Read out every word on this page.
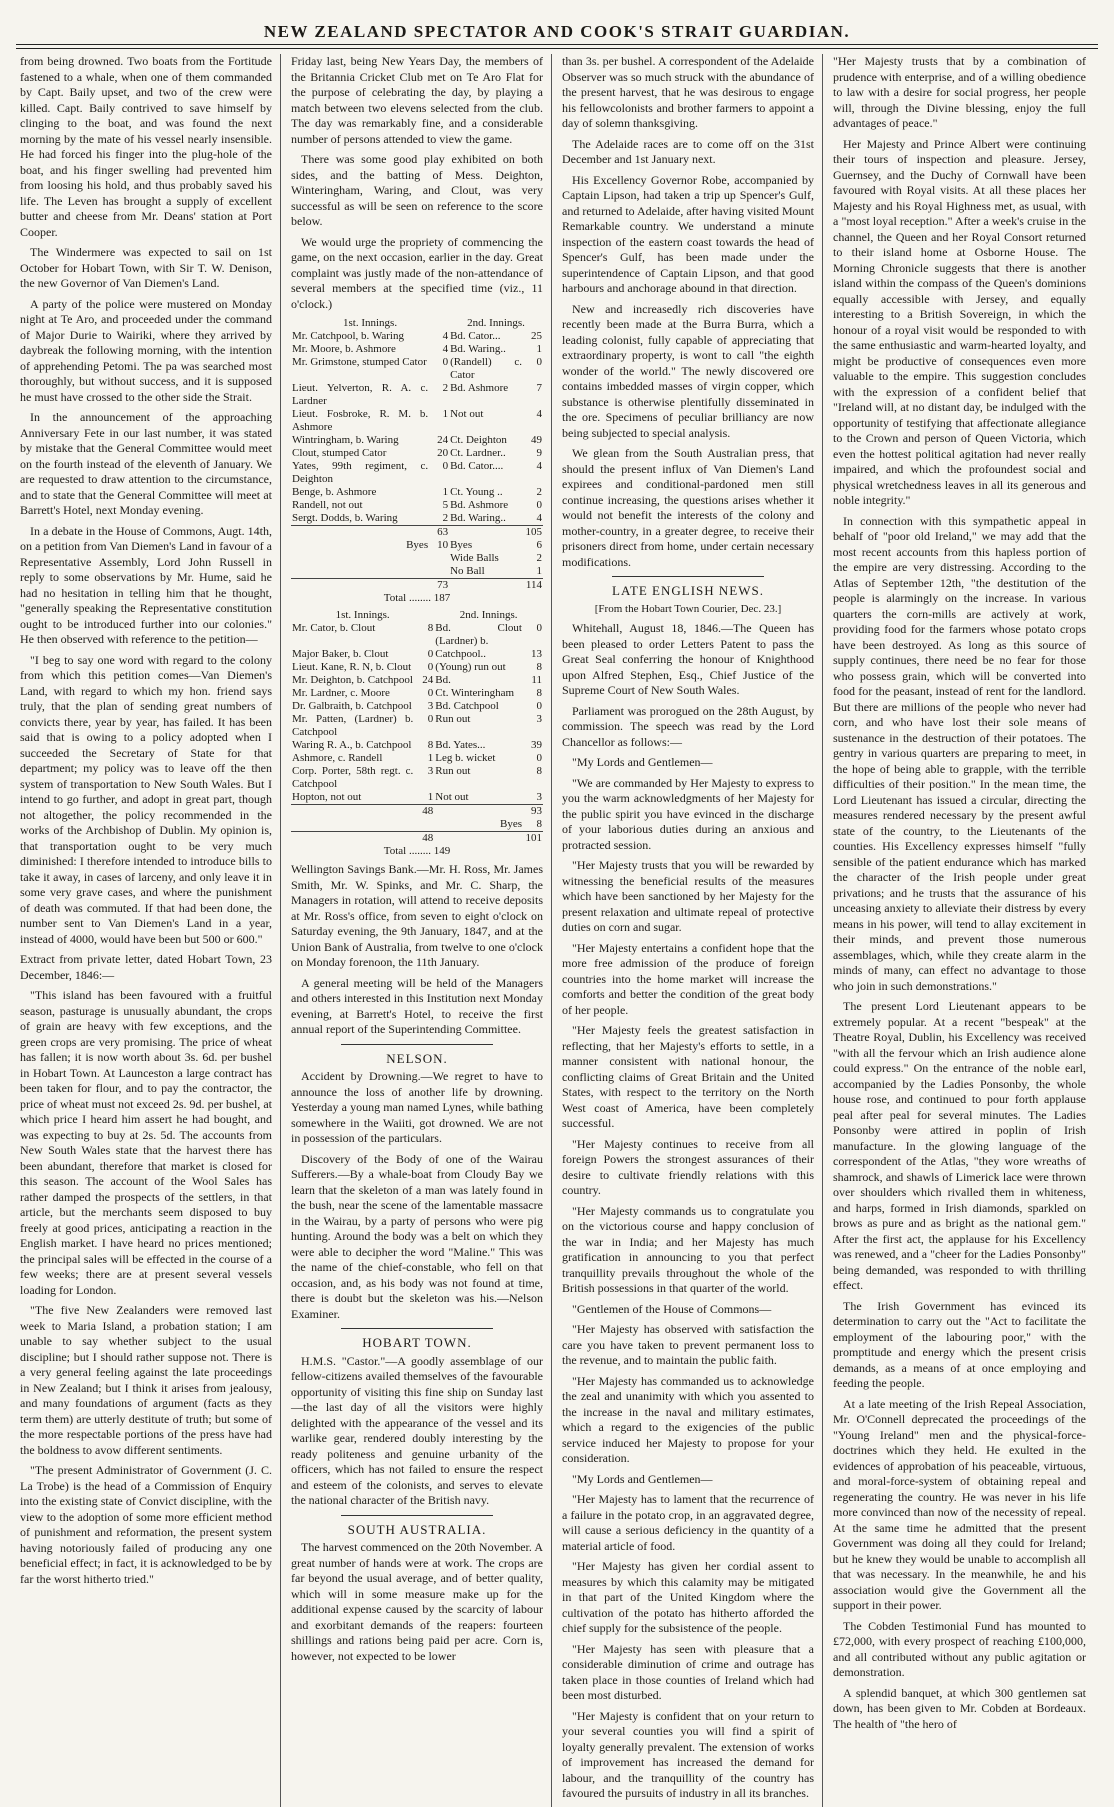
NEW ZEALAND SPECTATOR AND COOK'S STRAIT GUARDIAN.

from being drowned. Two boats from the Fortitude fastened to a whale, when one of them commanded by Capt. Baily upset, and two of the crew were killed. Capt. Baily contrived to save himself by clinging to the boat, and was found the next morning by the mate of his vessel nearly insensible. He had forced his finger into the plug-hole of the boat, and his finger swelling had prevented him from loosing his hold, and thus probably saved his life. The Leven has brought a supply of excellent butter and cheese from Mr. Deans' station at Port Cooper.

The Windermere was expected to sail on 1st October for Hobart Town, with Sir T. W. Denison, the new Governor of Van Diemen's Land.

A party of the police were mustered on Monday night at Te Aro, and proceeded under the command of Major Durie to Wairiki, where they arrived by daybreak the following morning, with the intention of apprehending Petomi. The pa was searched most thoroughly, but without success, and it is supposed he must have crossed to the other side the Strait.

In the announcement of the approaching Anniversary Fete in our last number, it was stated by mistake that the General Committee would meet on the fourth instead of the eleventh of January. We are requested to draw attention to the circumstance, and to state that the General Committee will meet at Barrett's Hotel, next Monday evening.

In a debate in the House of Commons, Augt. 14th, on a petition from Van Diemen's Land in favour of a Representative Assembly, Lord John Russell in reply to some observations by Mr. Hume, said he had no hesitation in telling him that he thought, "generally speaking the Representative constitution ought to be introduced further into our colonies." He then observed with reference to the petition—

"I beg to say one word with regard to the colony from which this petition comes—Van Diemen's Land, with regard to which my hon. friend says truly, that the plan of sending great numbers of convicts there, year by year, has failed. It has been said that is owing to a policy adopted when I succeeded the Secretary of State for that department; my policy was to leave off the then system of transportation to New South Wales. But I intend to go further, and adopt in great part, though not altogether, the policy recommended in the works of the Archbishop of Dublin. My opinion is, that transportation ought to be very much diminished: I therefore intended to introduce bills to take it away, in cases of larceny, and only leave it in some very grave cases, and where the punishment of death was commuted. If that had been done, the number sent to Van Diemen's Land in a year, instead of 4000, would have been but 500 or 600."

Extract from private letter, dated Hobart Town, 23 December, 1846:—

"This island has been favoured with a fruitful season, pasturage is unusually abundant, the crops of grain are heavy with few exceptions, and the green crops are very promising. The price of wheat has fallen; it is now worth about 3s. 6d. per bushel in Hobart Town. At Launceston a large contract has been taken for flour, and to pay the contractor, the price of wheat must not exceed 2s. 9d. per bushel, at which price I heard him assert he had bought, and was expecting to buy at 2s. 5d. The accounts from New South Wales state that the harvest there has been abundant, therefore that market is closed for this season. The account of the Wool Sales has rather damped the prospects of the settlers, in that article, but the merchants seem disposed to buy freely at good prices, anticipating a reaction in the English market. I have heard no prices mentioned; the principal sales will be effected in the course of a few weeks; there are at present several vessels loading for London.

"The five New Zealanders were removed last week to Maria Island, a probation station; I am unable to say whether subject to the usual discipline; but I should rather suppose not. There is a very general feeling against the late proceedings in New Zealand; but I think it arises from jealousy, and many foundations of argument (facts as they term them) are utterly destitute of truth; but some of the more respectable portions of the press have had the boldness to avow different sentiments.

"The present Administrator of Government (J. C. La Trobe) is the head of a Commission of Enquiry into the existing state of Convict discipline, with the view to the adoption of some more efficient method of punishment and reformation, the present system having notoriously failed of producing any one beneficial effect; in fact, it is acknowledged to be by far the worst hitherto tried."

Friday last, being New Years Day, the members of the Britannia Cricket Club met on Te Aro Flat for the purpose of celebrating the day, by playing a match between two elevens selected from the club. The day was remarkably fine, and a considerable number of persons attended to view the game.

There was some good play exhibited on both sides, and the batting of Mess. Deighton, Winteringham, Waring, and Clout, was very successful as will be seen on reference to the score below.

We would urge the propriety of commencing the game, on the next occasion, earlier in the day. Great complaint was justly made of the non-attendance of several members at the specified time (viz., 11 o'clock.)

1st. Innings.		2nd. Innings.	
Mr. Catchpool, b. Waring	4	Bd. Cator...	25
Mr. Moore, b. Ashmore	4	Bd. Waring..	1
Mr. Grimstone, stumped Cator	0	(Randell) c. Cator	0
Lieut. Yelverton, R. A. c. Lardner	2	Bd. Ashmore	7
Lieut. Fosbroke, R. M. b. Ashmore	1	Not out	4
Wintringham, b. Waring	24	Ct. Deighton	49
Clout, stumped Cator	20	Ct. Lardner..	9
Yates, 99th regiment, c. Deighton	0	Bd. Cator....	4
Benge, b. Ashmore	1	Ct. Young ..	2
Randell, not out	5	Bd. Ashmore	0
Sergt. Dodds, b. Waring	2	Bd. Waring..	4
	63		105
Byes	10	Byes	6
		Wide Balls	2
		No Ball	1
	73		114
Total ........ 187			
1st. Innings.		2nd. Innings.	
Mr. Cator, b. Clout	8	Bd. Clout (Lardner) b.	0
Major Baker, b. Clout	0	Catchpool..	13
Lieut. Kane, R. N, b. Clout	0	(Young) run out	8
Mr. Deighton, b. Catchpool	24	Bd.	11
Mr. Lardner, c. Moore	0	Ct. Winteringham	8
Dr. Galbraith, b. Catchpool	3	Bd. Catchpool	0
Mr. Patten, (Lardner) b. Catchpool	0	Run out	3
Waring R. A., b. Catchpool	8	Bd. Yates...	39
Ashmore, c. Randell	1	Leg b. wicket	0
Corp. Porter, 58th regt. c. Catchpool	3	Run out	8
Hopton, not out	1	Not out	3
	48		93
		Byes	8
	48		101
Total ........ 149			

Wellington Savings Bank.—Mr. H. Ross, Mr. James Smith, Mr. W. Spinks, and Mr. C. Sharp, the Managers in rotation, will attend to receive deposits at Mr. Ross's office, from seven to eight o'clock on Saturday evening, the 9th January, 1847, and at the Union Bank of Australia, from twelve to one o'clock on Monday forenoon, the 11th January.

A general meeting will be held of the Managers and others interested in this Institution next Monday evening, at Barrett's Hotel, to receive the first annual report of the Superintending Committee.

NELSON.

Accident by Drowning.—We regret to have to announce the loss of another life by drowning. Yesterday a young man named Lynes, while bathing somewhere in the Waiiti, got drowned. We are not in possession of the particulars.

Discovery of the Body of one of the Wairau Sufferers.—By a whale-boat from Cloudy Bay we learn that the skeleton of a man was lately found in the bush, near the scene of the lamentable massacre in the Wairau, by a party of persons who were pig hunting. Around the body was a belt on which they were able to decipher the word "Maline." This was the name of the chief-constable, who fell on that occasion, and, as his body was not found at time, there is doubt but the skeleton was his.—Nelson Examiner.

HOBART TOWN.

H.M.S. "Castor."—A goodly assemblage of our fellow-citizens availed themselves of the favourable opportunity of visiting this fine ship on Sunday last—the last day of all the visitors were highly delighted with the appearance of the vessel and its warlike gear, rendered doubly interesting by the ready politeness and genuine urbanity of the officers, which has not failed to ensure the respect and esteem of the colonists, and serves to elevate the national character of the British navy.

SOUTH AUSTRALIA.

The harvest commenced on the 20th November. A great number of hands were at work. The crops are far beyond the usual average, and of better quality, which will in some measure make up for the additional expense caused by the scarcity of labour and exorbitant demands of the reapers: fourteen shillings and rations being paid per acre. Corn is, however, not expected to be lower

than 3s. per bushel. A correspondent of the Adelaide Observer was so much struck with the abundance of the present harvest, that he was desirous to engage his fellowcolonists and brother farmers to appoint a day of solemn thanksgiving.

The Adelaide races are to come off on the 31st December and 1st January next.

His Excellency Governor Robe, accompanied by Captain Lipson, had taken a trip up Spencer's Gulf, and returned to Adelaide, after having visited Mount Remarkable country. We understand a minute inspection of the eastern coast towards the head of Spencer's Gulf, has been made under the superintendence of Captain Lipson, and that good harbours and anchorage abound in that direction.

New and increasedly rich discoveries have recently been made at the Burra Burra, which a leading colonist, fully capable of appreciating that extraordinary property, is wont to call "the eighth wonder of the world." The newly discovered ore contains imbedded masses of virgin copper, which substance is otherwise plentifully disseminated in the ore. Specimens of peculiar brilliancy are now being subjected to special analysis.

We glean from the South Australian press, that should the present influx of Van Diemen's Land expirees and conditional-pardoned men still continue increasing, the questions arises whether it would not benefit the interests of the colony and mother-country, in a greater degree, to receive their prisoners direct from home, under certain necessary modifications.

LATE ENGLISH NEWS.
[From the Hobart Town Courier, Dec. 23.]

Whitehall, August 18, 1846.—The Queen has been pleased to order Letters Patent to pass the Great Seal conferring the honour of Knighthood upon Alfred Stephen, Esq., Chief Justice of the Supreme Court of New South Wales.

Parliament was prorogued on the 28th August, by commission. The speech was read by the Lord Chancellor as follows:—

"My Lords and Gentlemen—

"We are commanded by Her Majesty to express to you the warm acknowledgments of her Majesty for the public spirit you have evinced in the discharge of your laborious duties during an anxious and protracted session.

"Her Majesty trusts that you will be rewarded by witnessing the beneficial results of the measures which have been sanctioned by her Majesty for the present relaxation and ultimate repeal of protective duties on corn and sugar.

"Her Majesty entertains a confident hope that the more free admission of the produce of foreign countries into the home market will increase the comforts and better the condition of the great body of her people.

"Her Majesty feels the greatest satisfaction in reflecting, that her Majesty's efforts to settle, in a manner consistent with national honour, the conflicting claims of Great Britain and the United States, with respect to the territory on the North West coast of America, have been completely successful.

"Her Majesty continues to receive from all foreign Powers the strongest assurances of their desire to cultivate friendly relations with this country.

"Her Majesty commands us to congratulate you on the victorious course and happy conclusion of the war in India; and her Majesty has much gratification in announcing to you that perfect tranquillity prevails throughout the whole of the British possessions in that quarter of the world.

"Gentlemen of the House of Commons—

"Her Majesty has observed with satisfaction the care you have taken to prevent permanent loss to the revenue, and to maintain the public faith.

"Her Majesty has commanded us to acknowledge the zeal and unanimity with which you assented to the increase in the naval and military estimates, which a regard to the exigencies of the public service induced her Majesty to propose for your consideration.

"My Lords and Gentlemen—

"Her Majesty has to lament that the recurrence of a failure in the potato crop, in an aggravated degree, will cause a serious deficiency in the quantity of a material article of food.

"Her Majesty has given her cordial assent to measures by which this calamity may be mitigated in that part of the United Kingdom where the cultivation of the potato has hitherto afforded the chief supply for the subsistence of the people.

"Her Majesty has seen with pleasure that a considerable diminution of crime and outrage has taken place in those counties of Ireland which had been most disturbed.

"Her Majesty is confident that on your return to your several counties you will find a spirit of loyalty generally prevalent. The extension of works of improvement has increased the demand for labour, and the tranquillity of the country has favoured the pursuits of industry in all its branches.

"Her Majesty trusts that by a combination of prudence with enterprise, and of a willing obedience to law with a desire for social progress, her people will, through the Divine blessing, enjoy the full advantages of peace."

Her Majesty and Prince Albert were continuing their tours of inspection and pleasure. Jersey, Guernsey, and the Duchy of Cornwall have been favoured with Royal visits. At all these places her Majesty and his Royal Highness met, as usual, with a "most loyal reception." After a week's cruise in the channel, the Queen and her Royal Consort returned to their island home at Osborne House. The Morning Chronicle suggests that there is another island within the compass of the Queen's dominions equally accessible with Jersey, and equally interesting to a British Sovereign, in which the honour of a royal visit would be responded to with the same enthusiastic and warm-hearted loyalty, and might be productive of consequences even more valuable to the empire. This suggestion concludes with the expression of a confident belief that "Ireland will, at no distant day, be indulged with the opportunity of testifying that affectionate allegiance to the Crown and person of Queen Victoria, which even the hottest political agitation had never really impaired, and which the profoundest social and physical wretchedness leaves in all its generous and noble integrity."

In connection with this sympathetic appeal in behalf of "poor old Ireland," we may add that the most recent accounts from this hapless portion of the empire are very distressing. According to the Atlas of September 12th, "the destitution of the people is alarmingly on the increase. In various quarters the corn-mills are actively at work, providing food for the farmers whose potato crops have been destroyed. As long as this source of supply continues, there need be no fear for those who possess grain, which will be converted into food for the peasant, instead of rent for the landlord. But there are millions of the people who never had corn, and who have lost their sole means of sustenance in the destruction of their potatoes. The gentry in various quarters are preparing to meet, in the hope of being able to grapple, with the terrible difficulties of their position." In the mean time, the Lord Lieutenant has issued a circular, directing the measures rendered necessary by the present awful state of the country, to the Lieutenants of the counties. His Excellency expresses himself "fully sensible of the patient endurance which has marked the character of the Irish people under great privations; and he trusts that the assurance of his unceasing anxiety to alleviate their distress by every means in his power, will tend to allay excitement in their minds, and prevent those numerous assemblages, which, while they create alarm in the minds of many, can effect no advantage to those who join in such demonstrations."

The present Lord Lieutenant appears to be extremely popular. At a recent "bespeak" at the Theatre Royal, Dublin, his Excellency was received "with all the fervour which an Irish audience alone could express." On the entrance of the noble earl, accompanied by the Ladies Ponsonby, the whole house rose, and continued to pour forth applause peal after peal for several minutes. The Ladies Ponsonby were attired in poplin of Irish manufacture. In the glowing language of the correspondent of the Atlas, "they wore wreaths of shamrock, and shawls of Limerick lace were thrown over shoulders which rivalled them in whiteness, and harps, formed in Irish diamonds, sparkled on brows as pure and as bright as the national gem." After the first act, the applause for his Excellency was renewed, and a "cheer for the Ladies Ponsonby" being demanded, was responded to with thrilling effect.

The Irish Government has evinced its determination to carry out the "Act to facilitate the employment of the labouring poor," with the promptitude and energy which the present crisis demands, as a means of at once employing and feeding the people.

At a late meeting of the Irish Repeal Association, Mr. O'Connell deprecated the proceedings of the "Young Ireland" men and the physical-force-doctrines which they held. He exulted in the evidences of approbation of his peaceable, virtuous, and moral-force-system of obtaining repeal and regenerating the country. He was never in his life more convinced than now of the necessity of repeal. At the same time he admitted that the present Government was doing all they could for Ireland; but he knew they would be unable to accomplish all that was necessary. In the meanwhile, he and his association would give the Government all the support in their power.

The Cobden Testimonial Fund has mounted to £72,000, with every prospect of reaching £100,000, and all contributed without any public agitation or demonstration.

A splendid banquet, at which 300 gentlemen sat down, has been given to Mr. Cobden at Bordeaux. The health of "the hero of
